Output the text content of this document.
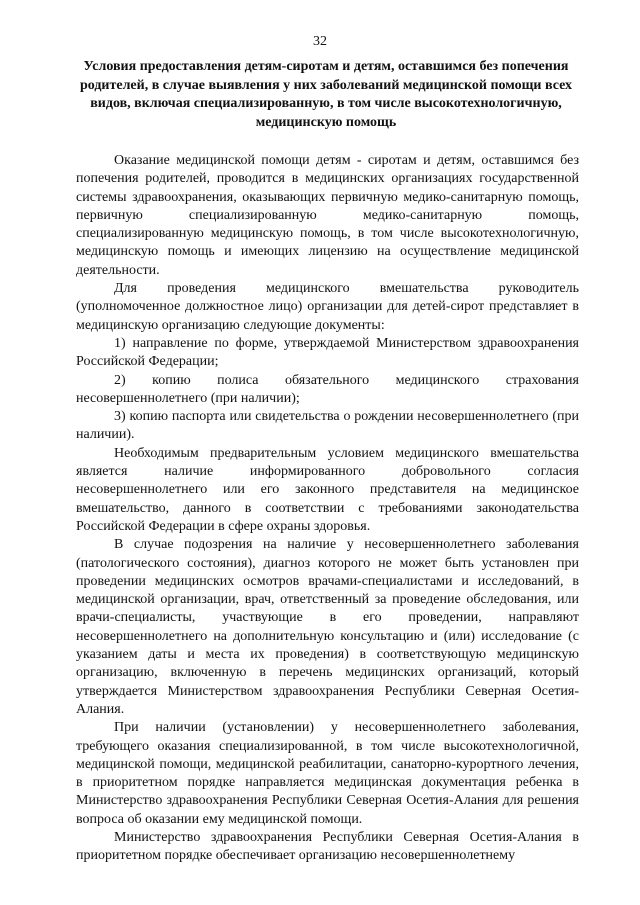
32
Условия предоставления детям-сиротам и детям, оставшимся без попечения родителей, в случае выявления у них заболеваний медицинской помощи всех видов, включая специализированную, в том числе высокотехнологичную, медицинскую помощь

Оказание медицинской помощи детям - сиротам и детям, оставшимся без попечения родителей, проводится в медицинских организациях государственной системы здравоохранения, оказывающих первичную медико-санитарную помощь, первичную специализированную медико-санитарную помощь, специализированную медицинскую помощь, в том числе высокотехнологичную, медицинскую помощь и имеющих лицензию на осуществление медицинской деятельности.

Для проведения медицинского вмешательства руководитель (уполномоченное должностное лицо) организации для детей-сирот представляет в медицинскую организацию следующие документы:

1) направление по форме, утверждаемой Министерством здравоохранения Российской Федерации;

2) копию полиса обязательного медицинского страхования несовершеннолетнего (при наличии);

3) копию паспорта или свидетельства о рождении несовершеннолетнего (при наличии).

Необходимым предварительным условием медицинского вмешательства является наличие информированного добровольного согласия несовершеннолетнего или его законного представителя на медицинское вмешательство, данного в соответствии с требованиями законодательства Российской Федерации в сфере охраны здоровья.

В случае подозрения на наличие у несовершеннолетнего заболевания (патологического состояния), диагноз которого не может быть установлен при проведении медицинских осмотров врачами-специалистами и исследований, в медицинской организации, врач, ответственный за проведение обследования, или врачи-специалисты, участвующие в его проведении, направляют несовершеннолетнего на дополнительную консультацию и (или) исследование (с указанием даты и места их проведения) в соответствующую медицинскую организацию, включенную в перечень медицинских организаций, который утверждается Министерством здравоохранения Республики Северная Осетия-Алания.

При наличии (установлении) у несовершеннолетнего заболевания, требующего оказания специализированной, в том числе высокотехнологичной, медицинской помощи, медицинской реабилитации, санаторно-курортного лечения, в приоритетном порядке направляется медицинская документация ребенка в Министерство здравоохранения Республики Северная Осетия-Алания для решения вопроса об оказании ему медицинской помощи.

Министерство здравоохранения Республики Северная Осетия-Алания в приоритетном порядке обеспечивает организацию несовершеннолетнему
